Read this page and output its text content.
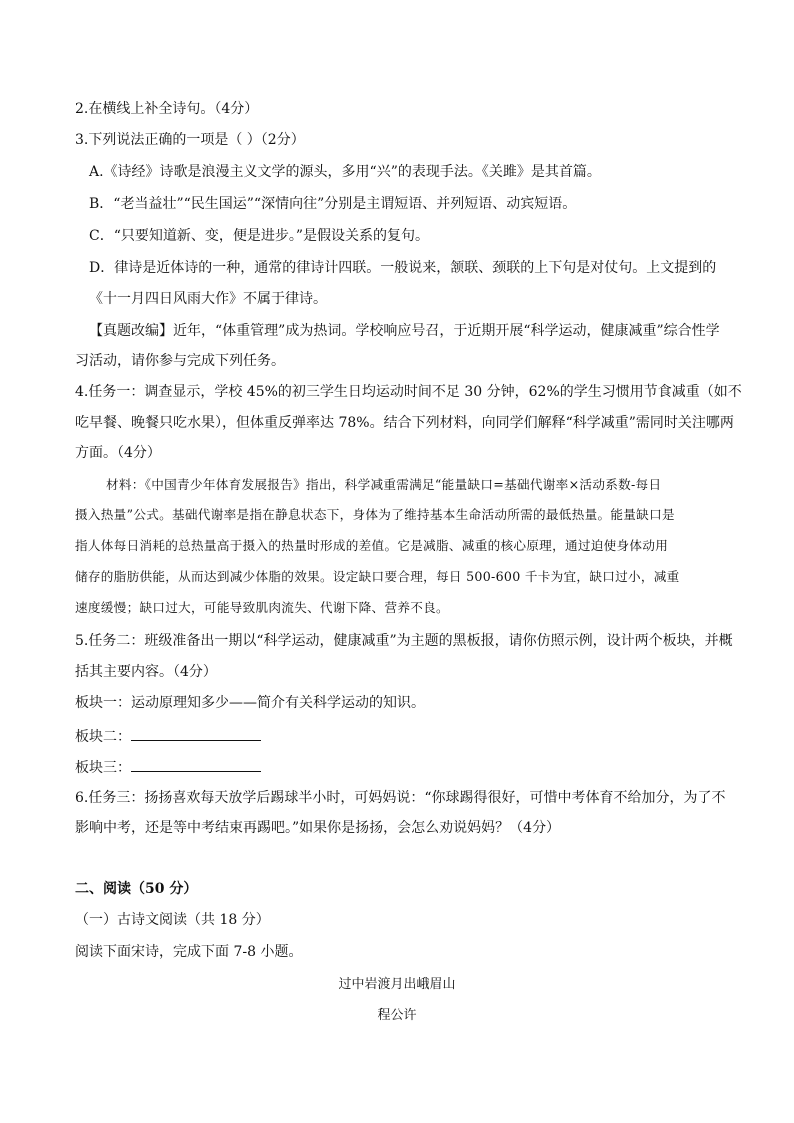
2.在横线上补全诗句。（4分）
3.下列说法正确的一项是（ ）（2分）
A.《诗经》诗歌是浪漫主义文学的源头，多用“兴”的表现手法。《关雎》是其首篇。
B．“老当益壮”“民生国运”“深情向往”分别是主谓短语、并列短语、动宾短语。
C．“只要知道新、变，便是进步。”是假设关系的复句。
D．律诗是近体诗的一种，通常的律诗计四联。一般说来，颔联、颈联的上下句是对仗句。上文提到的
《十一月四日风雨大作》不属于律诗。
【真题改编】近年，“体重管理”成为热词。学校响应号召，于近期开展“科学运动，健康减重”综合性学
习活动，请你参与完成下列任务。
4.任务一：调查显示，学校 45%的初三学生日均运动时间不足 30 分钟，62%的学生习惯用节食减重（如不
吃早餐、晚餐只吃水果），但体重反弹率达 78%。结合下列材料，向同学们解释“科学减重”需同时关注哪两
方面。（4分）
材料：《中国青少年体育发展报告》指出，科学减重需满足“能量缺口=基础代谢率×活动系数-每日
摄入热量”公式。基础代谢率是指在静息状态下，身体为了维持基本生命活动所需的最低热量。能量缺口是
指人体每日消耗的总热量高于摄入的热量时形成的差值。它是减脂、减重的核心原理，通过迫使身体动用
储存的脂肪供能，从而达到减少体脂的效果。设定缺口要合理，每日 500-600 千卡为宜，缺口过小，减重
速度缓慢；缺口过大，可能导致肌肉流失、代谢下降、营养不良。
5.任务二：班级准备出一期以“科学运动，健康减重”为主题的黑板报，请你仿照示例，设计两个板块，并概
括其主要内容。（4分）
板块一：运动原理知多少——简介有关科学运动的知识。
板块二：
板块三：
6.任务三：扬扬喜欢每天放学后踢球半小时，可妈妈说：“你球踢得很好，可惜中考体育不给加分，为了不
影响中考，还是等中考结束再踢吧。”如果你是扬扬，会怎么劝说妈妈？（4分）
二、阅读（50 分）
（一）古诗文阅读（共 18 分）
阅读下面宋诗，完成下面 7-8 小题。
过中岩渡月出峨眉山
程公许
